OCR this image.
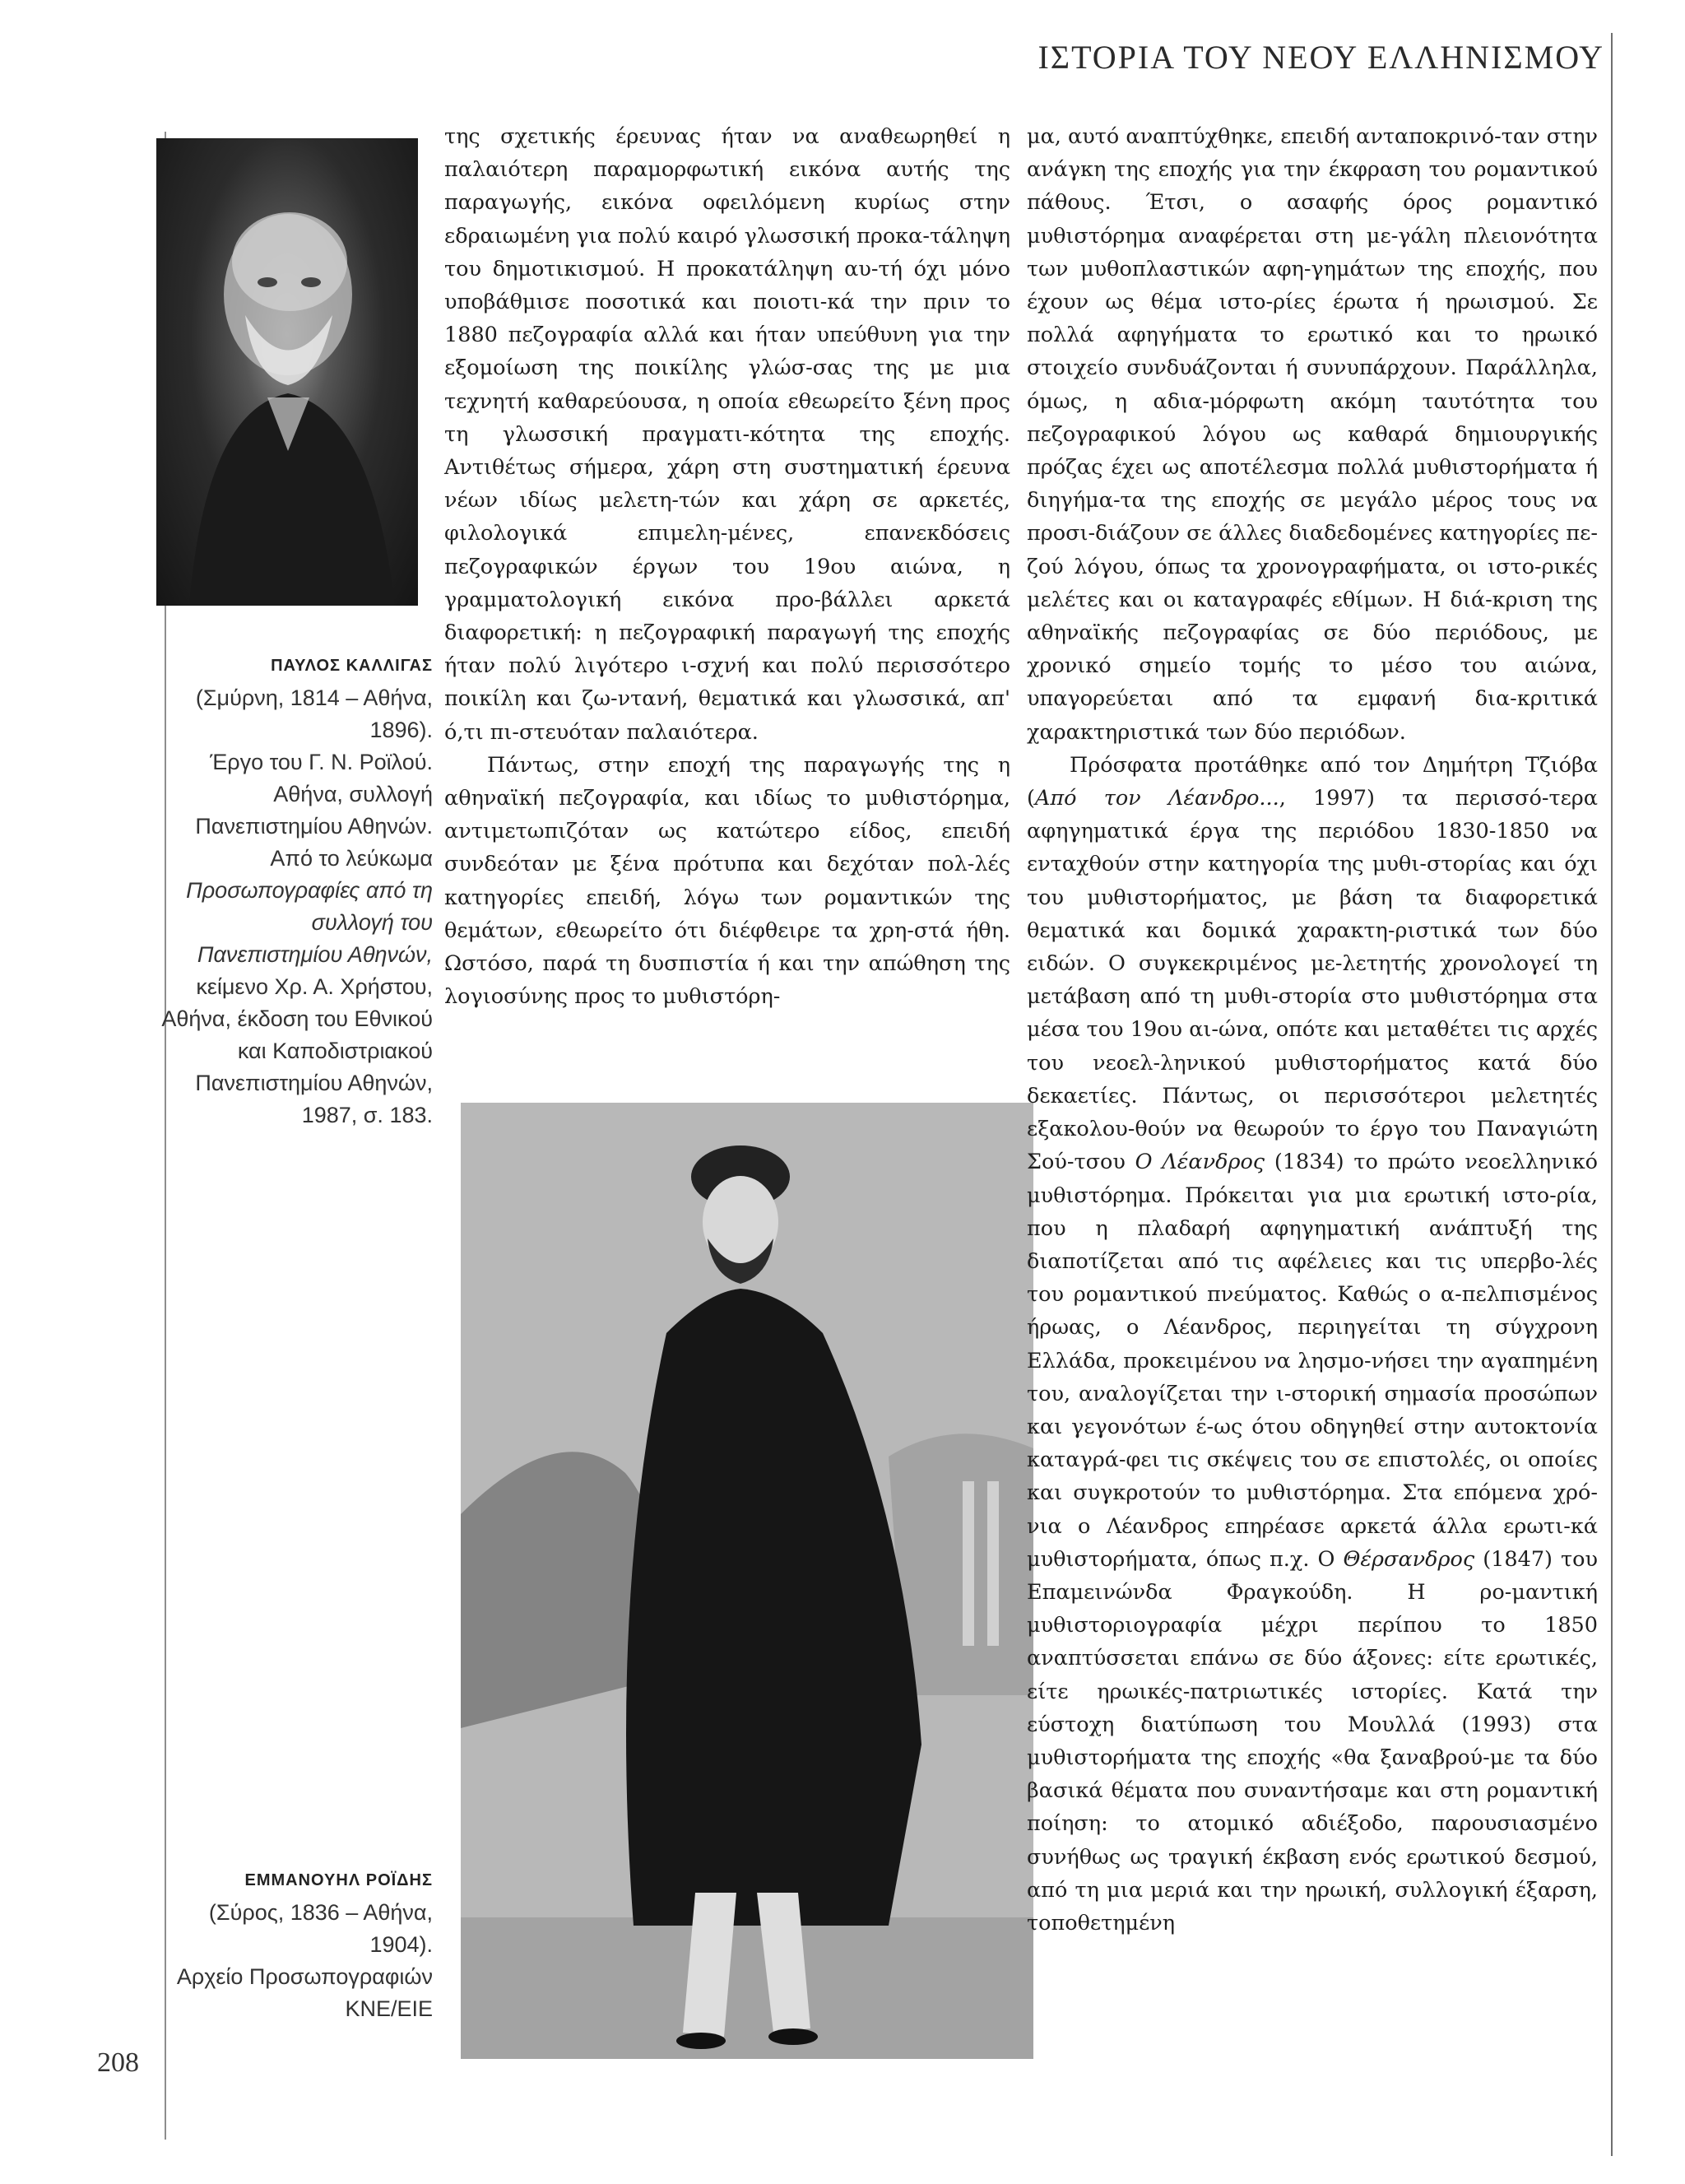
ΙΣΤΟΡΙΑ ΤΟΥ ΝΕΟΥ ΕΛΛΗΝΙΣΜΟΥ
208
ΠΑΥΛΟΣ ΚΑΛΛΙΓΑΣ
(Σμύρνη, 1814 – Αθήνα, 1896).
Έργο του Γ. Ν. Ροϊλού.
Αθήνα, συλλογή Πανεπιστημίου Αθηνών.
Από το λεύκωμα
Προσωπογραφίες από τη συλλογή του Πανεπιστημίου Αθηνών,
κείμενο Χρ. Α. Χρήστου, Αθήνα, έκδοση του Εθνικού και Καποδιστριακού Πανεπιστημίου Αθηνών, 1987, σ. 183.
ΕΜΜΑΝΟΥΗΛ ΡΟΪΔΗΣ
(Σύρος, 1836 – Αθήνα, 1904).
Αρχείο Προσωπογραφιών ΚΝΕ/ΕΙΕ

της σχετικής έρευνας ήταν να αναθεωρηθεί η παλαιότερη παραμορφωτική εικόνα αυτής της παραγωγής, εικόνα οφειλόμενη κυρίως στην εδραιωμένη για πολύ καιρό γλωσσική προκα-τάληψη του δημοτικισμού. Η προκατάληψη αυ-τή όχι μόνο υποβάθμισε ποσοτικά και ποιοτι-κά την πριν το 1880 πεζογραφία αλλά και ήταν υπεύθυνη για την εξομοίωση της ποικίλης γλώσ-σας της με μια τεχνητή καθαρεύουσα, η οποία εθεωρείτο ξένη προς τη γλωσσική πραγματι-κότητα της εποχής. Αντιθέτως σήμερα, χάρη στη συστηματική έρευνα νέων ιδίως μελετη-τών και χάρη σε αρκετές, φιλολογικά επιμελη-μένες, επανεκδόσεις πεζογραφικών έργων του 19ου αιώνα, η γραμματολογική εικόνα προ-βάλλει αρκετά διαφορετική: η πεζογραφική παραγωγή της εποχής ήταν πολύ λιγότερο ι-σχνή και πολύ περισσότερο ποικίλη και ζω-ντανή, θεματικά και γλωσσικά, απ' ό,τι πι-στευόταν παλαιότερα.

Πάντως, στην εποχή της παραγωγής της η αθηναϊκή πεζογραφία, και ιδίως το μυθιστόρημα, αντιμετωπιζόταν ως κατώτερο είδος, επειδή συνδεόταν με ξένα πρότυπα και δεχόταν πολ-λές κατηγορίες επειδή, λόγω των ρομαντικών της θεμάτων, εθεωρείτο ότι διέφθειρε τα χρη-στά ήθη. Ωστόσο, παρά τη δυσπιστία ή και την απώθηση της λογιοσύνης προς το μυθιστόρη-

μα, αυτό αναπτύχθηκε, επειδή ανταποκρινό-ταν στην ανάγκη της εποχής για την έκφραση του ρομαντικού πάθους. Έτσι, ο ασαφής όρος ρομαντικό μυθιστόρημα αναφέρεται στη με-γάλη πλειονότητα των μυθοπλαστικών αφη-γημάτων της εποχής, που έχουν ως θέμα ιστο-ρίες έρωτα ή ηρωισμού. Σε πολλά αφηγήματα το ερωτικό και το ηρωικό στοιχείο συνδυάζονται ή συνυπάρχουν. Παράλληλα, όμως, η αδια-μόρφωτη ακόμη ταυτότητα του πεζογραφικού λόγου ως καθαρά δημιουργικής πρόζας έχει ως αποτέλεσμα πολλά μυθιστορήματα ή διηγήμα-τα της εποχής σε μεγάλο μέρος τους να προσι-διάζουν σε άλλες διαδεδομένες κατηγορίες πε-ζού λόγου, όπως τα χρονογραφήματα, οι ιστο-ρικές μελέτες και οι καταγραφές εθίμων. Η διά-κριση της αθηναϊκής πεζογραφίας σε δύο περιόδους, με χρονικό σημείο τομής το μέσο του αιώνα, υπαγορεύεται από τα εμφανή δια-κριτικά χαρακτηριστικά των δύο περιόδων.

Πρόσφατα προτάθηκε από τον Δημήτρη Τζιόβα (Από τον Λέανδρο..., 1997) τα περισσό-τερα αφηγηματικά έργα της περιόδου 1830-1850 να ενταχθούν στην κατηγορία της μυθι-στορίας και όχι του μυθιστορήματος, με βάση τα διαφορετικά θεματικά και δομικά χαρακτη-ριστικά των δύο ειδών. Ο συγκεκριμένος με-λετητής χρονολογεί τη μετάβαση από τη μυθι-στορία στο μυθιστόρημα στα μέσα του 19ου αι-ώνα, οπότε και μεταθέτει τις αρχές του νεοελ-ληνικού μυθιστορήματος κατά δύο δεκαετίες. Πάντως, οι περισσότεροι μελετητές εξακολου-θούν να θεωρούν το έργο του Παναγιώτη Σού-τσου Ο Λέανδρος (1834) το πρώτο νεοελληνικό μυθιστόρημα. Πρόκειται για μια ερωτική ιστο-ρία, που η πλαδαρή αφηγηματική ανάπτυξή της διαποτίζεται από τις αφέλειες και τις υπερβο-λές του ρομαντικού πνεύματος. Καθώς ο α-πελπισμένος ήρωας, ο Λέανδρος, περιηγείται τη σύγχρονη Ελλάδα, προκειμένου να λησμο-νήσει την αγαπημένη του, αναλογίζεται την ι-στορική σημασία προσώπων και γεγονότων έ-ως ότου οδηγηθεί στην αυτοκτονία καταγρά-φει τις σκέψεις του σε επιστολές, οι οποίες και συγκροτούν το μυθιστόρημα. Στα επόμενα χρό-νια ο Λέανδρος επηρέασε αρκετά άλλα ερωτι-κά μυθιστορήματα, όπως π.χ. Ο Θέρσανδρος (1847) του Επαμεινώνδα Φραγκούδη. Η ρο-μαντική μυθιστοριογραφία μέχρι περίπου το 1850 αναπτύσσεται επάνω σε δύο άξονες: είτε ερωτικές, είτε ηρωικές-πατριωτικές ιστορίες. Κατά την εύστοχη διατύπωση του Μουλλά (1993) στα μυθιστορήματα της εποχής «θα ξαναβρού-με τα δύο βασικά θέματα που συναντήσαμε και στη ρομαντική ποίηση: το ατομικό αδιέξοδο, παρουσιασμένο συνήθως ως τραγική έκβαση ενός ερωτικού δεσμού, από τη μια μεριά και την ηρωική, συλλογική έξαρση, τοποθετημένη
